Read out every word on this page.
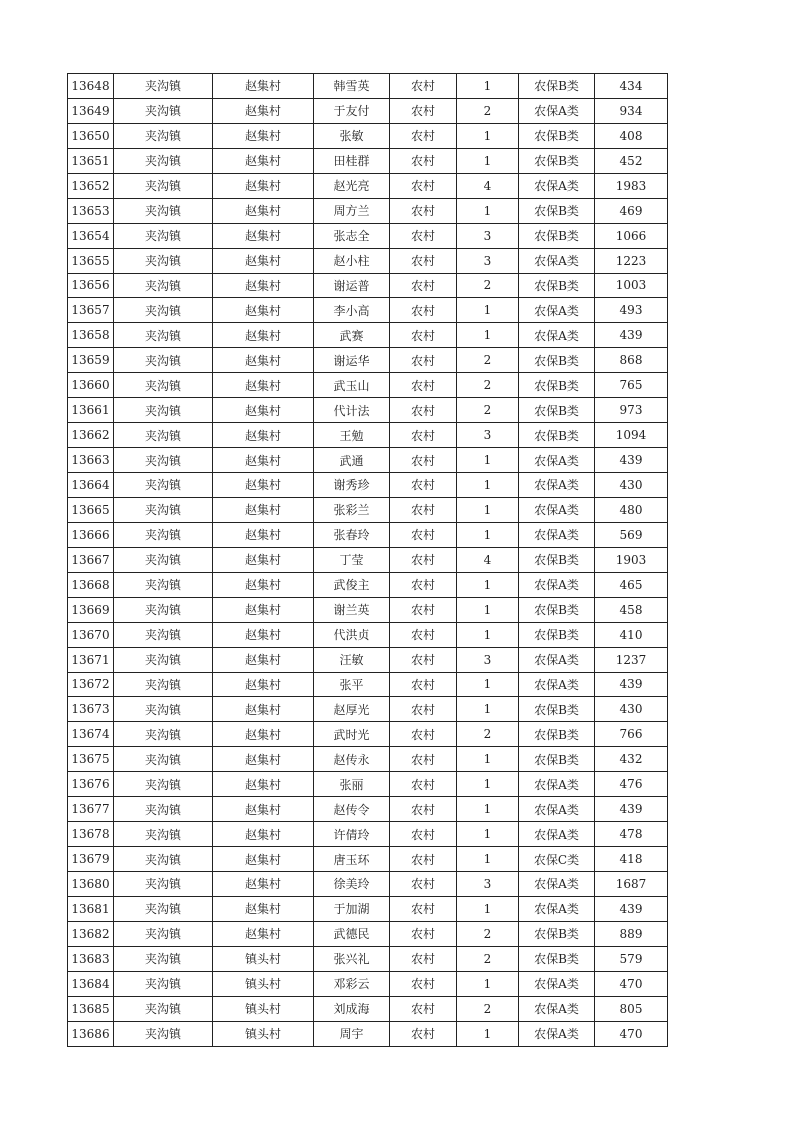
13648	夹沟镇	赵集村	韩雪英	农村	1	农保B类	434
13649	夹沟镇	赵集村	于友付	农村	2	农保A类	934
13650	夹沟镇	赵集村	张敏	农村	1	农保B类	408
13651	夹沟镇	赵集村	田桂群	农村	1	农保B类	452
13652	夹沟镇	赵集村	赵光亮	农村	4	农保A类	1983
13653	夹沟镇	赵集村	周方兰	农村	1	农保B类	469
13654	夹沟镇	赵集村	张志全	农村	3	农保B类	1066
13655	夹沟镇	赵集村	赵小柱	农村	3	农保A类	1223
13656	夹沟镇	赵集村	谢运普	农村	2	农保B类	1003
13657	夹沟镇	赵集村	李小高	农村	1	农保A类	493
13658	夹沟镇	赵集村	武赛	农村	1	农保A类	439
13659	夹沟镇	赵集村	谢运华	农村	2	农保B类	868
13660	夹沟镇	赵集村	武玉山	农村	2	农保B类	765
13661	夹沟镇	赵集村	代计法	农村	2	农保B类	973
13662	夹沟镇	赵集村	王勉	农村	3	农保B类	1094
13663	夹沟镇	赵集村	武通	农村	1	农保A类	439
13664	夹沟镇	赵集村	谢秀珍	农村	1	农保A类	430
13665	夹沟镇	赵集村	张彩兰	农村	1	农保A类	480
13666	夹沟镇	赵集村	张春玲	农村	1	农保A类	569
13667	夹沟镇	赵集村	丁莹	农村	4	农保B类	1903
13668	夹沟镇	赵集村	武俊主	农村	1	农保A类	465
13669	夹沟镇	赵集村	谢兰英	农村	1	农保B类	458
13670	夹沟镇	赵集村	代洪贞	农村	1	农保B类	410
13671	夹沟镇	赵集村	汪敏	农村	3	农保A类	1237
13672	夹沟镇	赵集村	张平	农村	1	农保A类	439
13673	夹沟镇	赵集村	赵厚光	农村	1	农保B类	430
13674	夹沟镇	赵集村	武时光	农村	2	农保B类	766
13675	夹沟镇	赵集村	赵传永	农村	1	农保B类	432
13676	夹沟镇	赵集村	张丽	农村	1	农保A类	476
13677	夹沟镇	赵集村	赵传令	农村	1	农保A类	439
13678	夹沟镇	赵集村	许倩玲	农村	1	农保A类	478
13679	夹沟镇	赵集村	唐玉环	农村	1	农保C类	418
13680	夹沟镇	赵集村	徐美玲	农村	3	农保A类	1687
13681	夹沟镇	赵集村	于加湖	农村	1	农保A类	439
13682	夹沟镇	赵集村	武德民	农村	2	农保B类	889
13683	夹沟镇	镇头村	张兴礼	农村	2	农保B类	579
13684	夹沟镇	镇头村	邓彩云	农村	1	农保A类	470
13685	夹沟镇	镇头村	刘成海	农村	2	农保A类	805
13686	夹沟镇	镇头村	周宇	农村	1	农保A类	470
